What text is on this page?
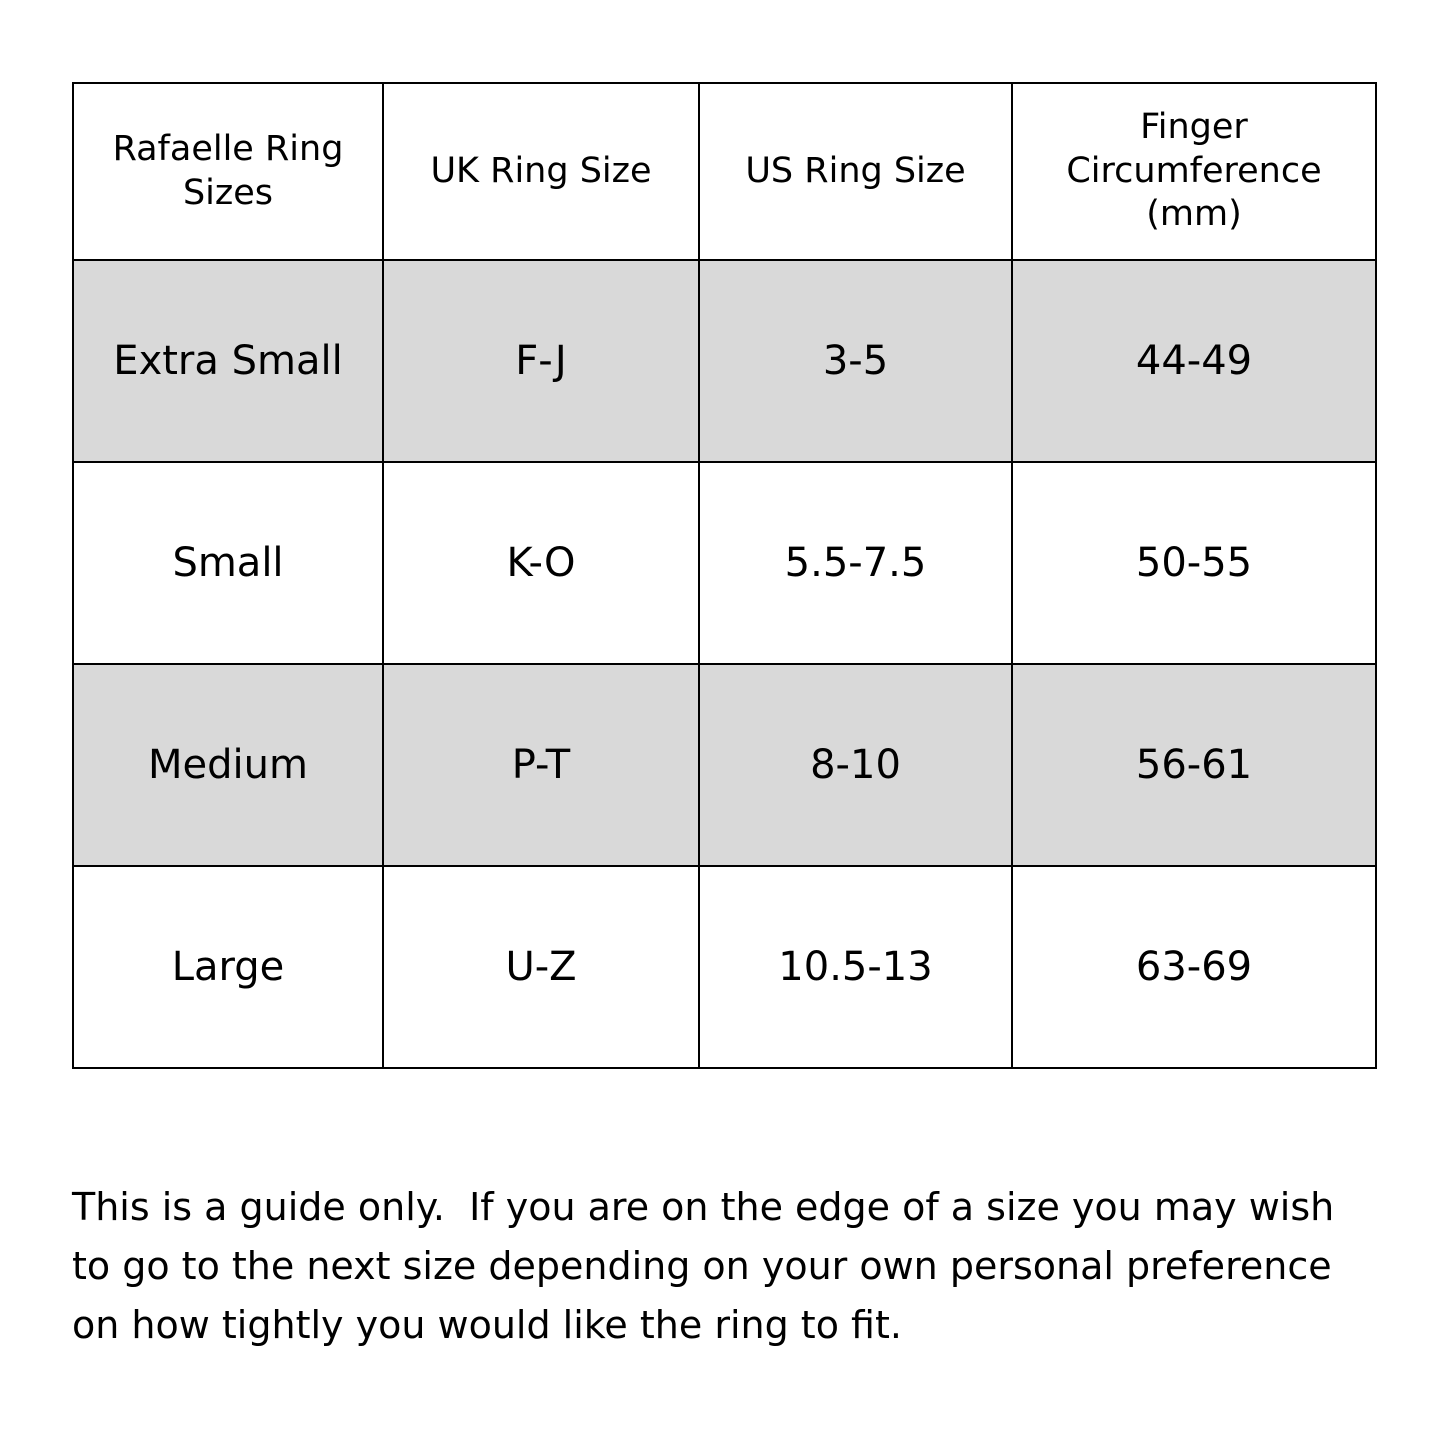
Rafaelle Ring Sizes	UK Ring Size	US Ring Size	Finger Circumference (mm)
Extra Small	F-J	3-5	44-49
Small	K-O	5.5-7.5	50-55
Medium	P-T	8-10	56-61
Large	U-Z	10.5-13	63-69
This is a guide only.  If you are on the edge of a size you may wish to go to the next size depending on your own personal preference on how tightly you would like the ring to fit.
